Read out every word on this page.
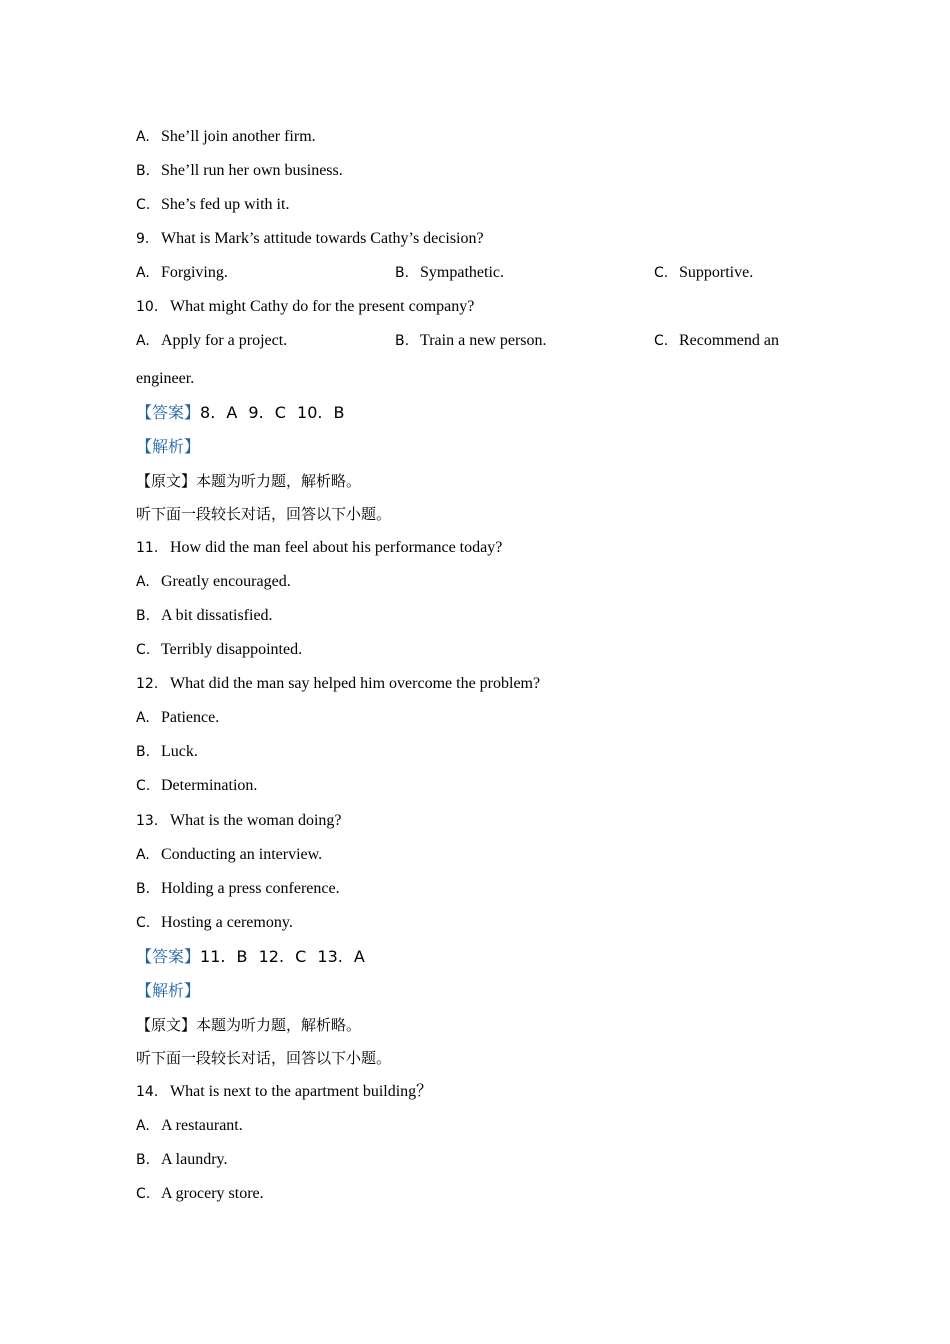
A. She’ll join another firm.
B. She’ll run her own business.
C. She’s fed up with it.
9. What is Mark’s attitude towards Cathy’s decision?
A. Forgiving.	B. Sympathetic.	C. Supportive.
10. What might Cathy do for the present company?
A. Apply for a project.	B. Train a new person.	C. Recommend an
engineer.
【答案】8. A 9. C 10. B
【解析】
【原文】本题为听力题，解析略。
听下面一段较长对话，回答以下小题。
11. How did the man feel about his performance today?
A. Greatly encouraged.
B. A bit dissatisfied.
C. Terribly disappointed.
12. What did the man say helped him overcome the problem?
A. Patience.
B. Luck.
C. Determination.
13. What is the woman doing?
A. Conducting an interview.
B. Holding a press conference.
C. Hosting a ceremony.
【答案】11. B 12. C 13. A
【解析】
【原文】本题为听力题，解析略。
听下面一段较长对话，回答以下小题。
14. What is next to the apartment building？
A. A restaurant.
B. A laundry.
C. A grocery store.
